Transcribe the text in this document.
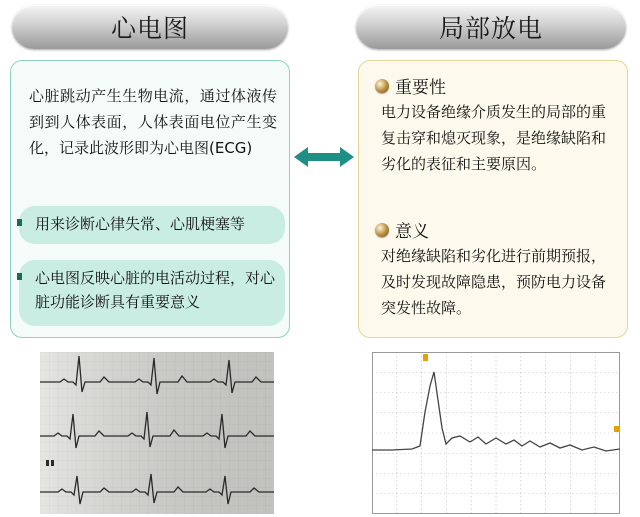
心电图	局部放电

心脏跳动产生生物电流，通过体液传到到人体表面，人体表面电位产生变化，记录此波形即为心电图(ECG)

用来诊断心律失常、心肌梗塞等
心电图反映心脏的电活动过程，对心脏功能诊断具有重要意义
重要性

电力设备绝缘介质发生的局部的重复击穿和熄灭现象，是绝缘缺陷和劣化的表征和主要原因。

意义

对绝缘缺陷和劣化进行前期预报，及时发现故障隐患，预防电力设备突发性故障。
